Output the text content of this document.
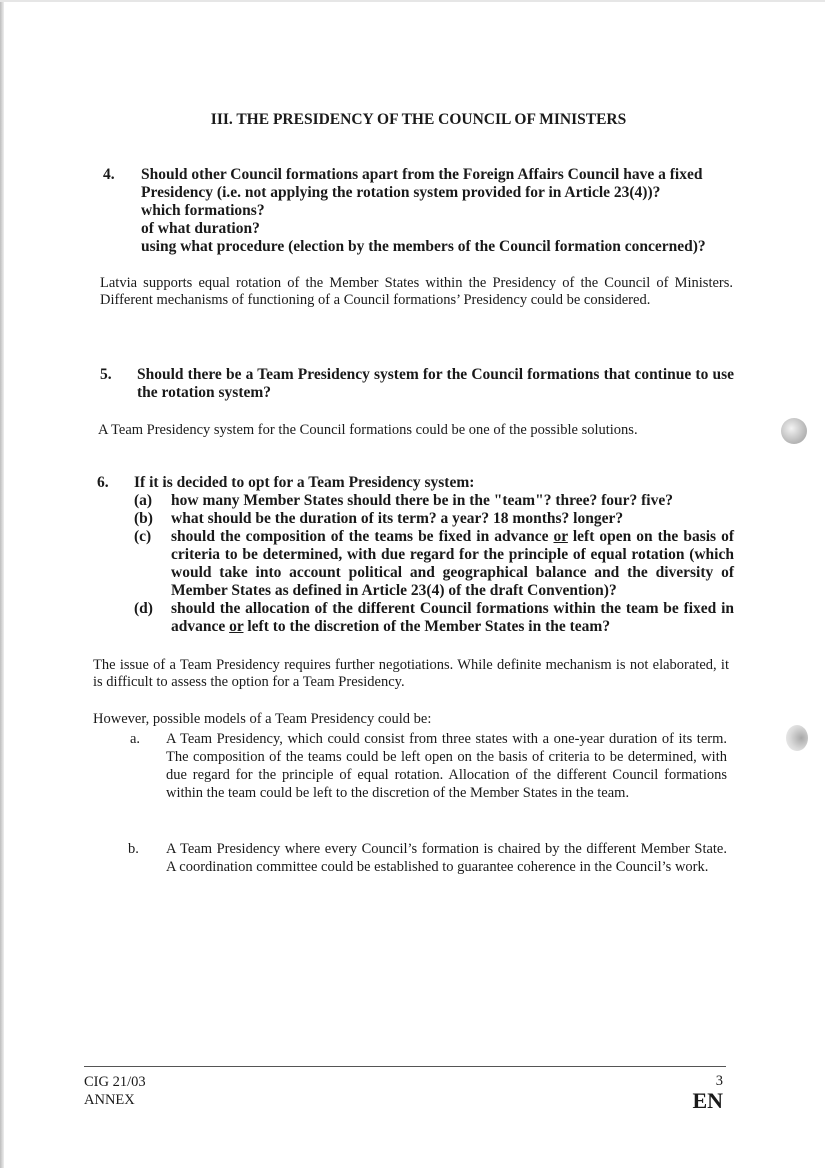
III. THE PRESIDENCY OF THE COUNCIL OF MINISTERS
4. Should other Council formations apart from the Foreign Affairs Council have a fixed
Presidency (i.e. not applying the rotation system provided for in Article 23(4))?
which formations?
of what duration?
using what procedure (election by the members of the Council formation concerned)?
Latvia supports equal rotation of the Member States within the Presidency of the Council of Ministers. Different mechanisms of functioning of a Council formations’ Presidency could be considered.
5. Should there be a Team Presidency system for the Council formations that continue to use the rotation system?
A Team Presidency system for the Council formations could be one of the possible solutions.
6. If it is decided to opt for a Team Presidency system:
(a) how many Member States should there be in the "team"? three? four? five?
(b) what should be the duration of its term? a year? 18 months? longer?
(c) should the composition of the teams be fixed in advance or left open on the basis of criteria to be determined, with due regard for the principle of equal rotation (which would take into account political and geographical balance and the diversity of Member States as defined in Article 23(4) of the draft Convention)?
(d) should the allocation of the different Council formations within the team be fixed in advance or left to the discretion of the Member States in the team?
The issue of a Team Presidency requires further negotiations. While definite mechanism is not elaborated, it is difficult to assess the option for a Team Presidency.
However, possible models of a Team Presidency could be:
a. A Team Presidency, which could consist from three states with a one-year duration of its term. The composition of the teams could be left open on the basis of criteria to be determined, with due regard for the principle of equal rotation. Allocation of the different Council formations within the team could be left to the discretion of the Member States in the team.
b. A Team Presidency where every Council’s formation is chaired by the different Member State. A coordination committee could be established to guarantee coherence in the Council’s work.
CIG 21/03
ANNEX
3
EN
